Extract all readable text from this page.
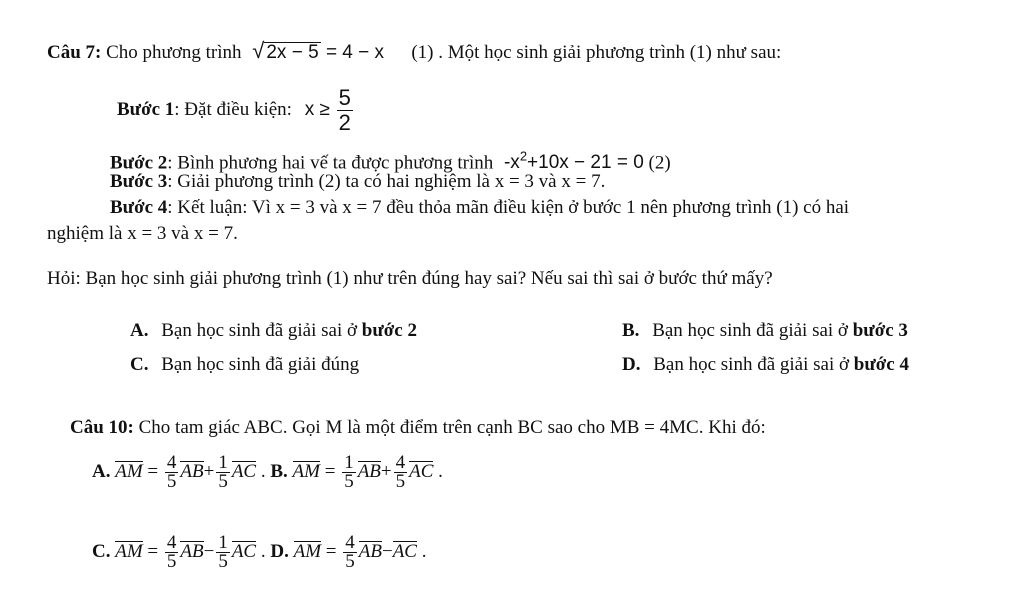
Câu 7: Cho phương trình √ 2x − 5 = 4 − x (1) . Một học sinh giải phương trình (1) như sau:
Bước 1: Đặt điều kiện: $x \ge \frac{5}{2}$
Bước 2: Bình phương hai vế ta được phương trình $-x^2+10x - 21 = 0$ (2)
Bước 3: Giải phương trình (2) ta có hai nghiệm là x = 3 và x = 7.
Bước 4: Kết luận: Vì x = 3 và x = 7 đều thỏa mãn điều kiện ở bước 1 nên phương trình (1) có hai
nghiệm là x = 3 và x = 7.
Hỏi: Bạn học sinh giải phương trình (1) như trên đúng hay sai? Nếu sai thì sai ở bước thứ mấy?
A. Bạn học sinh đã giải sai ở bước 2	B. Bạn học sinh đã giải sai ở bước 3
C. Bạn học sinh đã giải đúng	D. Bạn học sinh đã giải sai ở bước 4
Câu 10: Cho tam giác ABC. Gọi M là một điểm trên cạnh BC sao cho MB = 4MC. Khi đó:
A. AM = $\frac{4}{5} AB+ \frac{1}{5}$ AC . B. AM = $\frac{1}{5} AB+ \frac{4}{5}$ AC .
C. AM = $\frac{4}{5} AB- \frac{1}{5}$ AC . D. AM = $\frac{4}{5} AB-AC$ .
